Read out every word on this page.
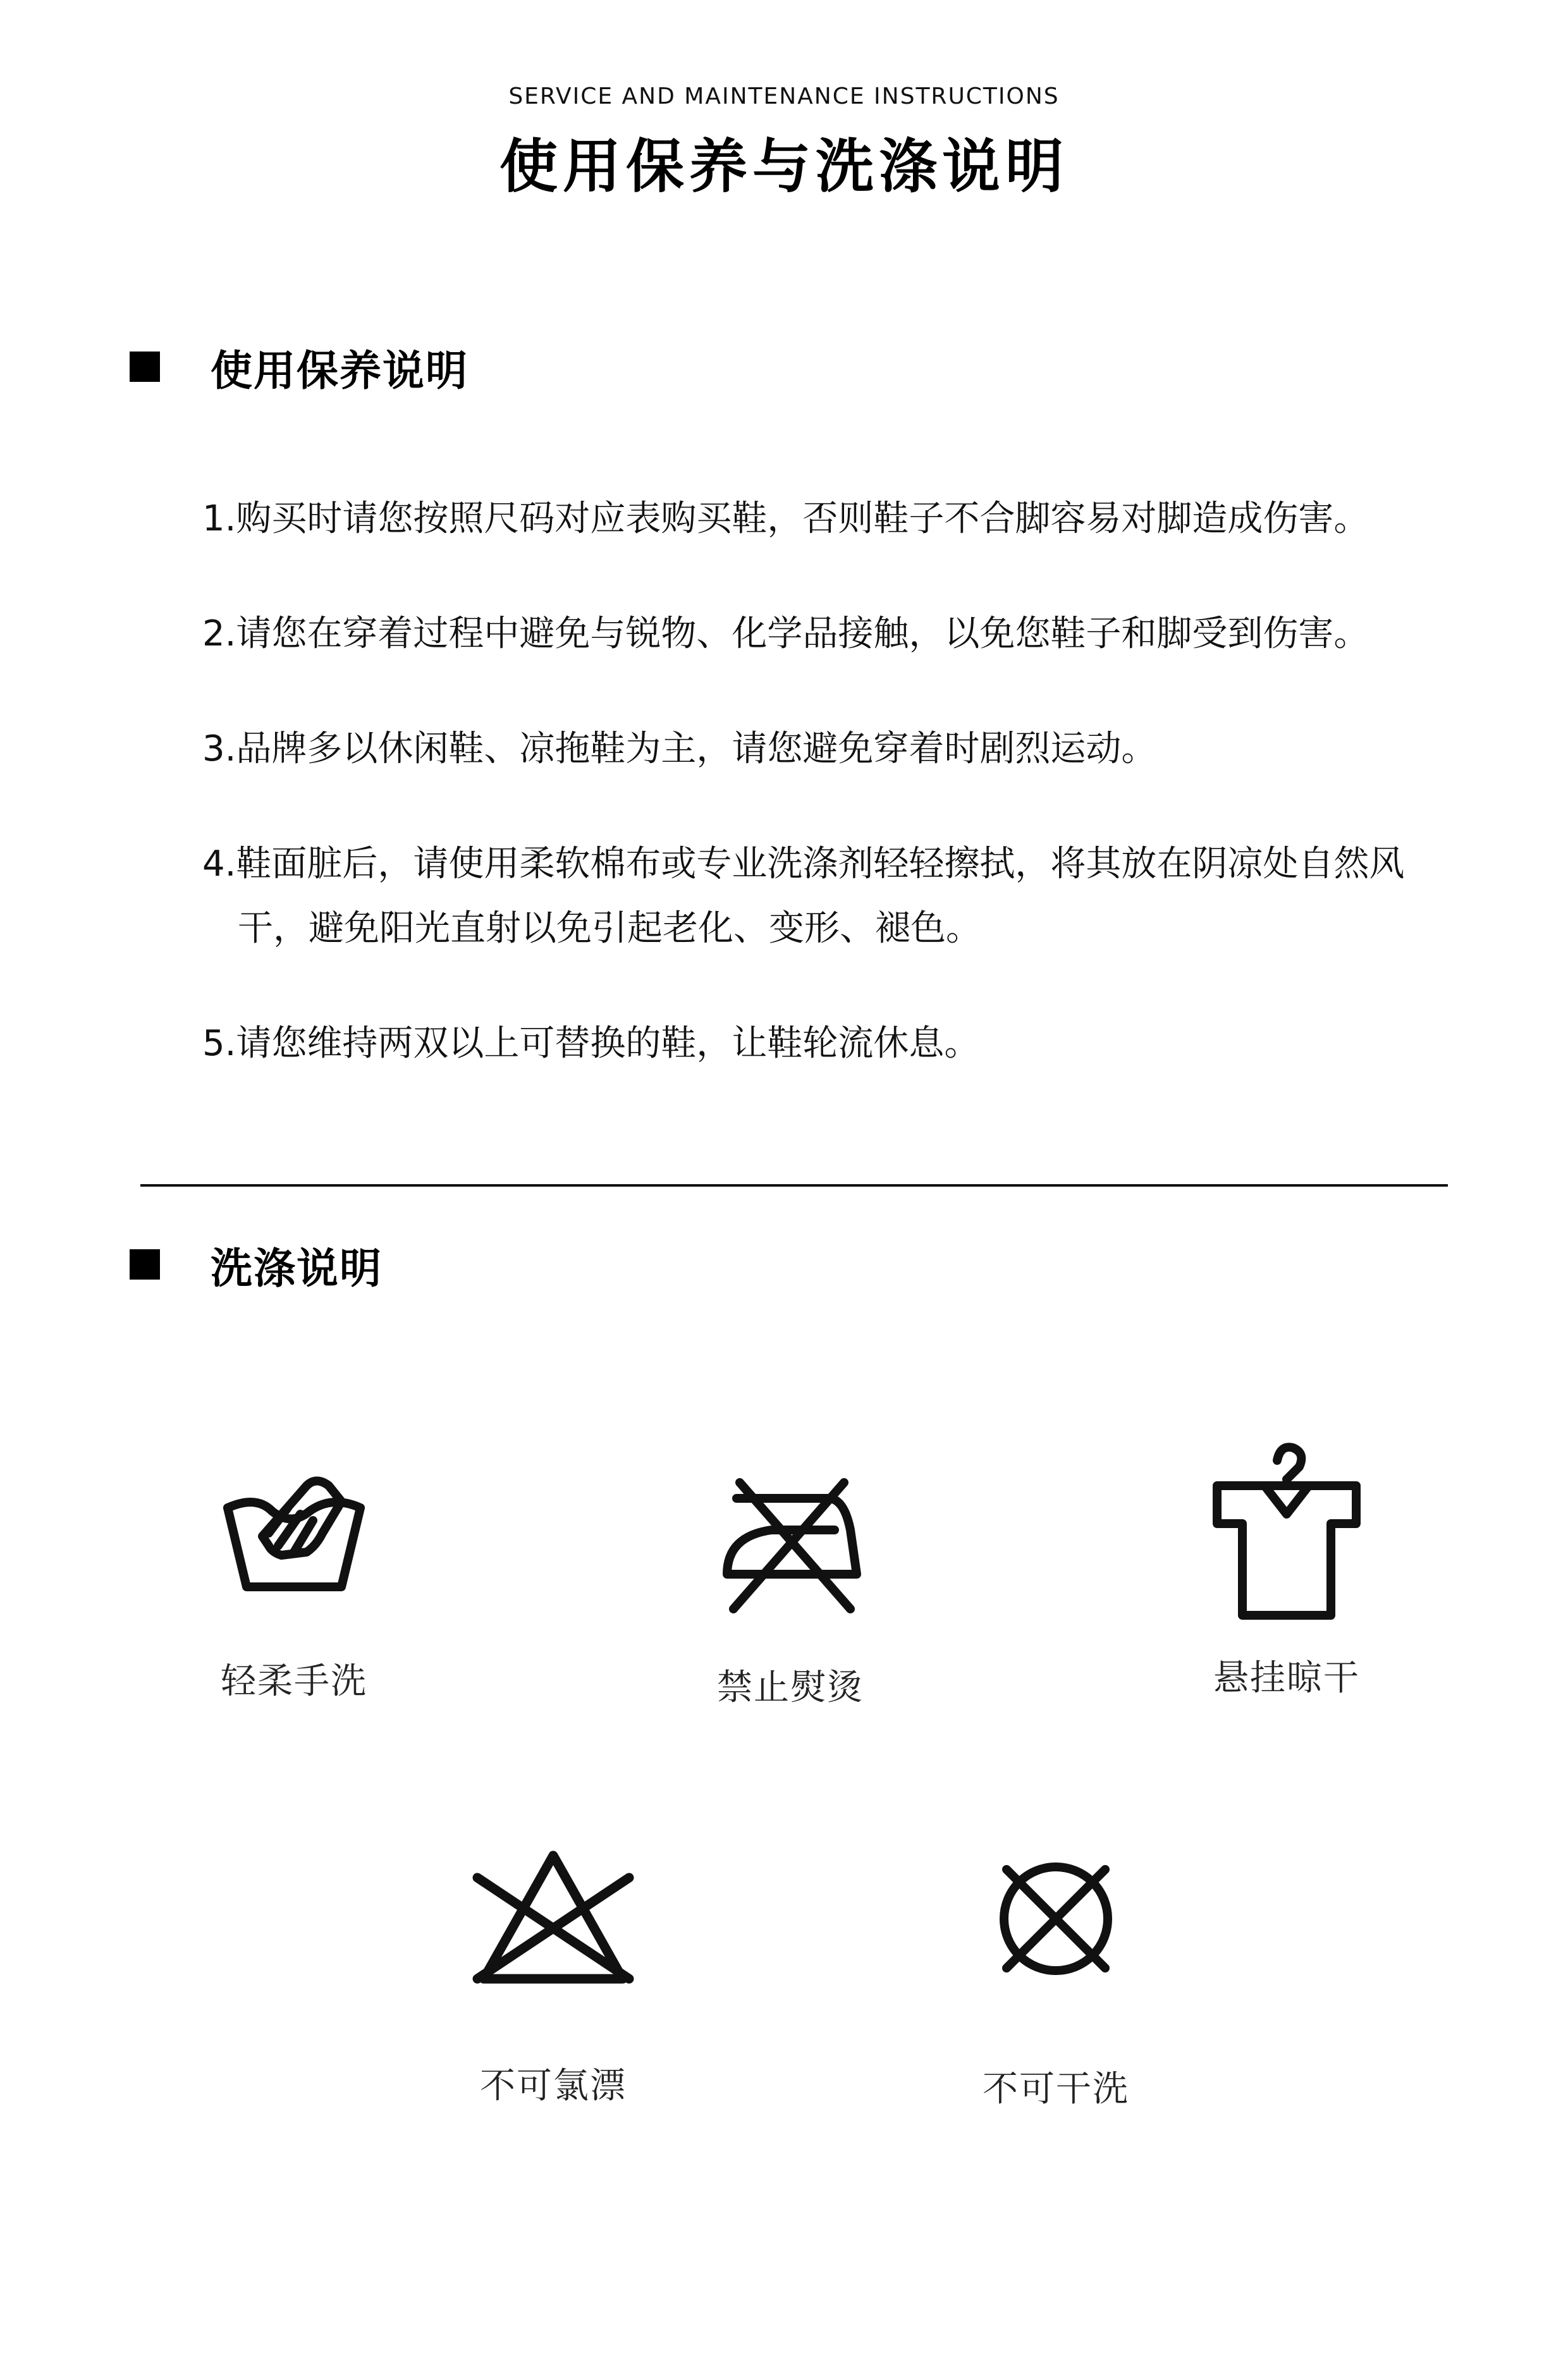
SERVICE AND MAINTENANCE INSTRUCTIONS
使用保养与洗涤说明
使用保养说明
1.购买时请您按照尺码对应表购买鞋，否则鞋子不合脚容易对脚造成伤害。
2.请您在穿着过程中避免与锐物、化学品接触，以免您鞋子和脚受到伤害。
3.品牌多以休闲鞋、凉拖鞋为主，请您避免穿着时剧烈运动。
4.鞋面脏后，请使用柔软棉布或专业洗涤剂轻轻擦拭，将其放在阴凉处自然风干，避免阳光直射以免引起老化、变形、褪色。
5.请您维持两双以上可替换的鞋，让鞋轮流休息。
洗涤说明
轻柔手洗	禁止熨烫	悬挂晾干
不可氯漂	不可干洗
